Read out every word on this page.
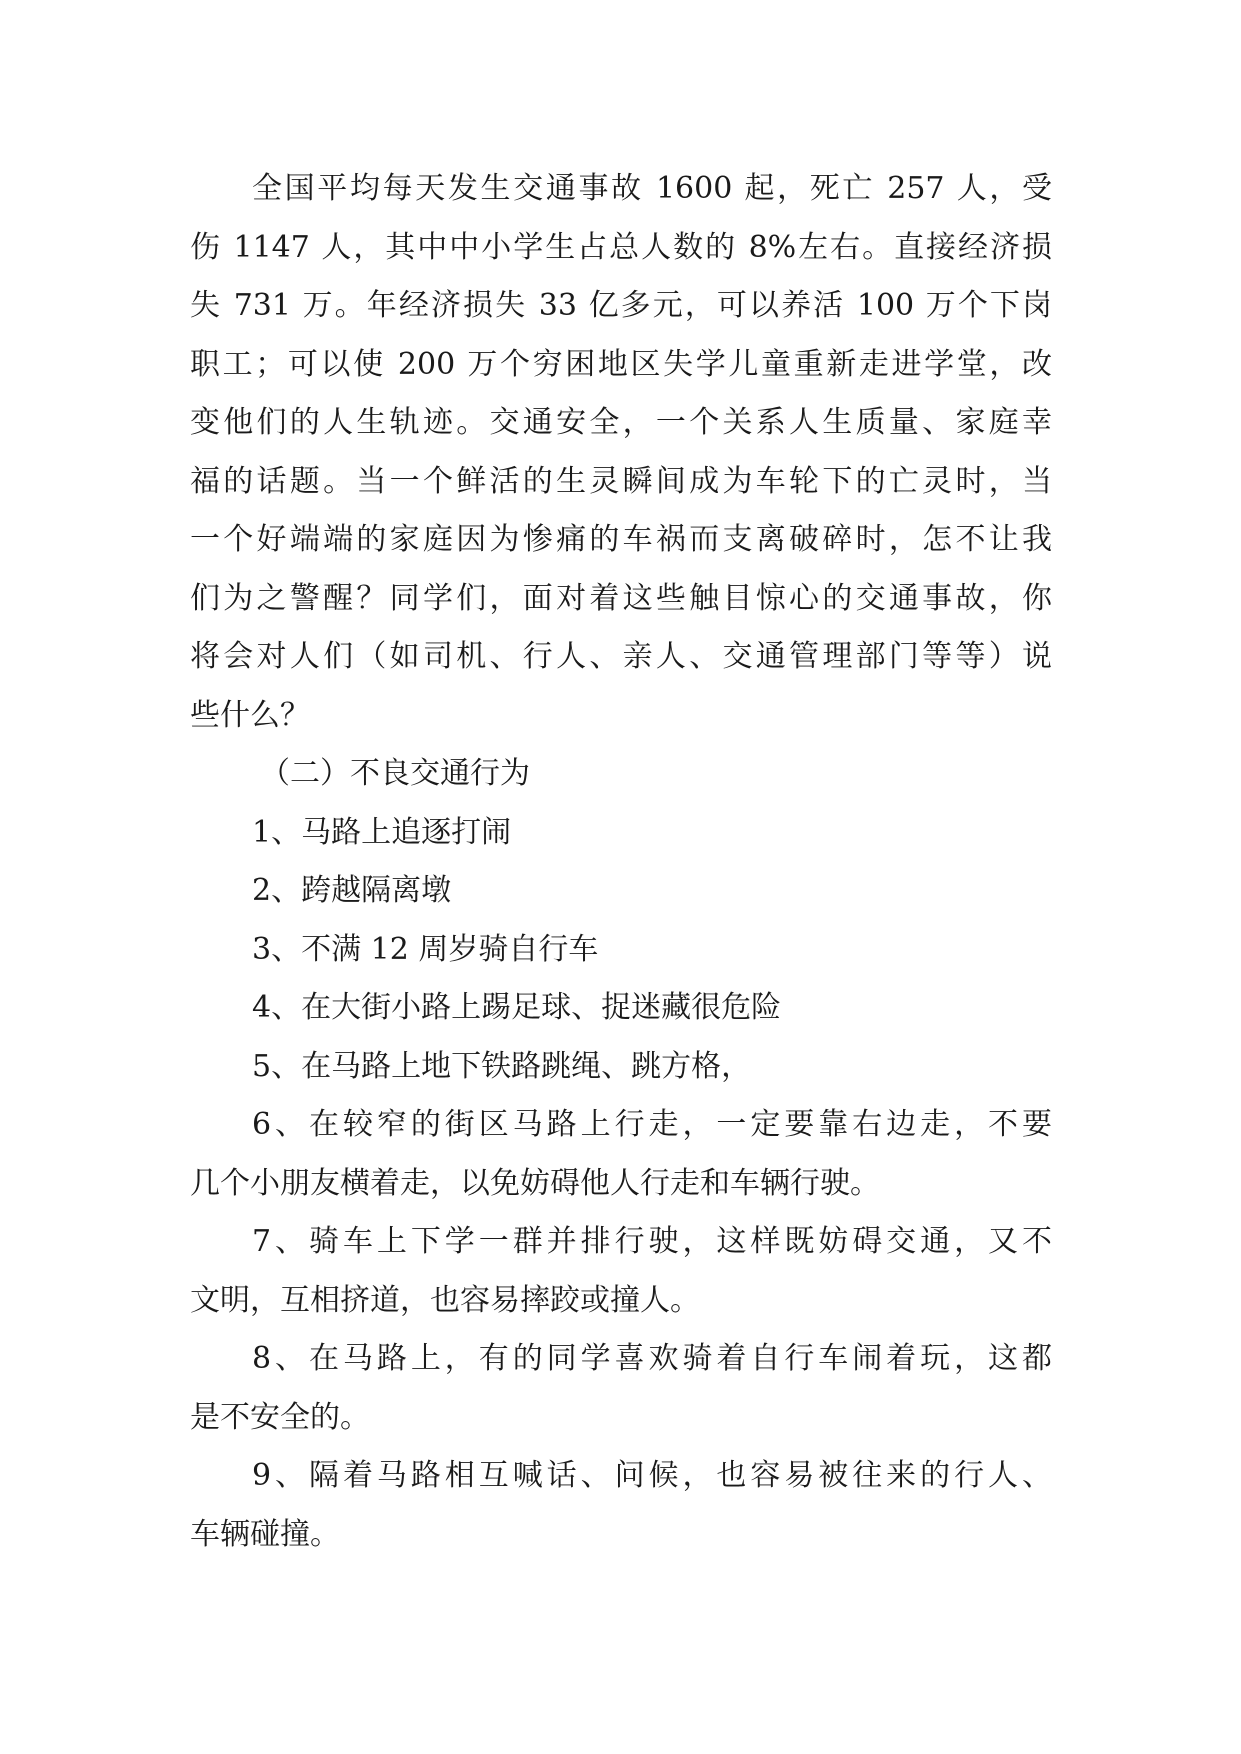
全国平均每天发生交通事故 1600 起，死亡 257 人，受
伤 1147 人，其中中小学生占总人数的 8%左右。直接经济损
失 731 万。年经济损失 33 亿多元，可以养活 100 万个下岗
职工；可以使 200 万个穷困地区失学儿童重新走进学堂，改
变他们的人生轨迹。交通安全，一个关系人生质量、家庭幸
福的话题。当一个鲜活的生灵瞬间成为车轮下的亡灵时，当
一个好端端的家庭因为惨痛的车祸而支离破碎时，怎不让我
们为之警醒？同学们，面对着这些触目惊心的交通事故，你
将会对人们（如司机、行人、亲人、交通管理部门等等）说
些什么？
（二）不良交通行为
1、马路上追逐打闹
2、跨越隔离墩
3、不满 12 周岁骑自行车
4、在大街小路上踢足球、捉迷藏很危险
5、在马路上地下铁路跳绳、跳方格，
6、在较窄的街区马路上行走，一定要靠右边走，不要
几个小朋友横着走，以免妨碍他人行走和车辆行驶。
7、骑车上下学一群并排行驶，这样既妨碍交通，又不
文明，互相挤道，也容易摔跤或撞人。
8、在马路上，有的同学喜欢骑着自行车闹着玩，这都
是不安全的。
9、隔着马路相互喊话、问候，也容易被往来的行人、
车辆碰撞。
